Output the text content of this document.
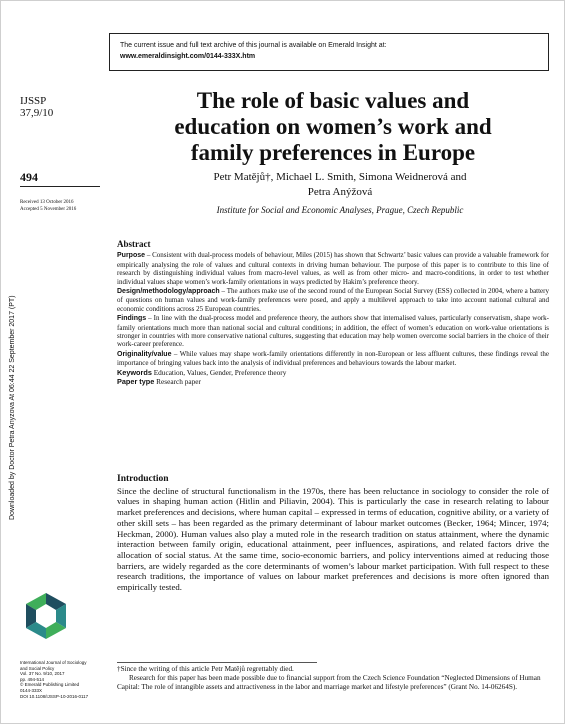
The current issue and full text archive of this journal is available on Emerald Insight at:
www.emeraldinsight.com/0144-333X.htm
IJSSP
37,9/10
494
Received 13 October 2016
Accepted 5 November 2016
Downloaded by Doctor Petra Anyzova At 06:44 22 September 2017 (PT)
The role of basic values and
education on women’s work and
family preferences in Europe
Petr Matějů†, Michael L. Smith, Simona Weidnerová and
Petra Anýžová
Institute for Social and Economic Analyses, Prague, Czech Republic
Abstract

Purpose – Consistent with dual-process models of behaviour, Miles (2015) has shown that Schwartz’ basic values can provide a valuable framework for empirically analysing the role of values and cultural contexts in driving human behaviour. The purpose of this paper is to contribute to this line of research by distinguishing individual values from macro-level values, as well as from other micro- and macro-conditions, in order to test whether individual values shape women’s work-family orientations in ways predicted by Hakim’s preference theory.

Design/methodology/approach – The authors make use of the second round of the European Social Survey (ESS) collected in 2004, where a battery of questions on human values and work-family preferences were posed, and apply a multilevel approach to take into account national cultural and economic conditions across 25 European countries.

Findings – In line with the dual-process model and preference theory, the authors show that internalised values, particularly conservatism, shape work-family orientations much more than national social and cultural conditions; in addition, the effect of women’s education on work-value orientations is stronger in countries with more conservative national cultures, suggesting that education may help women overcome social barriers in the choice of their work-career preference.

Originality/value – While values may shape work-family orientations differently in non-European or less affluent cultures, these findings reveal the importance of bringing values back into the analysis of individual preferences and behaviours towards the labour market.

Keywords Education, Values, Gender, Preference theory

Paper type Research paper

Introduction

Since the decline of structural functionalism in the 1970s, there has been reluctance in sociology to consider the role of values in shaping human action (Hitlin and Piliavin, 2004). This is particularly the case in research relating to labour market preferences and decisions, where human capital – expressed in terms of education, cognitive ability, or a variety of other skill sets – has been regarded as the primary determinant of labour market outcomes (Becker, 1964; Mincer, 1974; Heckman, 2000). Human values also play a muted role in the research tradition on status attainment, where the dynamic interaction between family origin, educational attainment, peer influences, aspirations, and related factors drive the allocation of social status. At the same time, socio-economic barriers, and policy interventions aimed at reducing those barriers, are widely regarded as the core determinants of women’s labour market participation. With full respect to these research traditions, the importance of values on labour market preferences and decisions is more often ignored than empirically tested.

International Journal of Sociology
and Social Policy
Vol. 37 No. 9/10, 2017
pp. 494-514
© Emerald Publishing Limited
0144-333X
DOI 10.1108/IJSSP-10-2016-0117

†Since the writing of this article Petr Matějů regrettably died.

Research for this paper has been made possible due to financial support from the Czech Science Foundation “Neglected Dimensions of Human Capital: The role of intangible assets and attractiveness in the labor and marriage market and lifestyle preferences” (Grant No. 14-06264S).
